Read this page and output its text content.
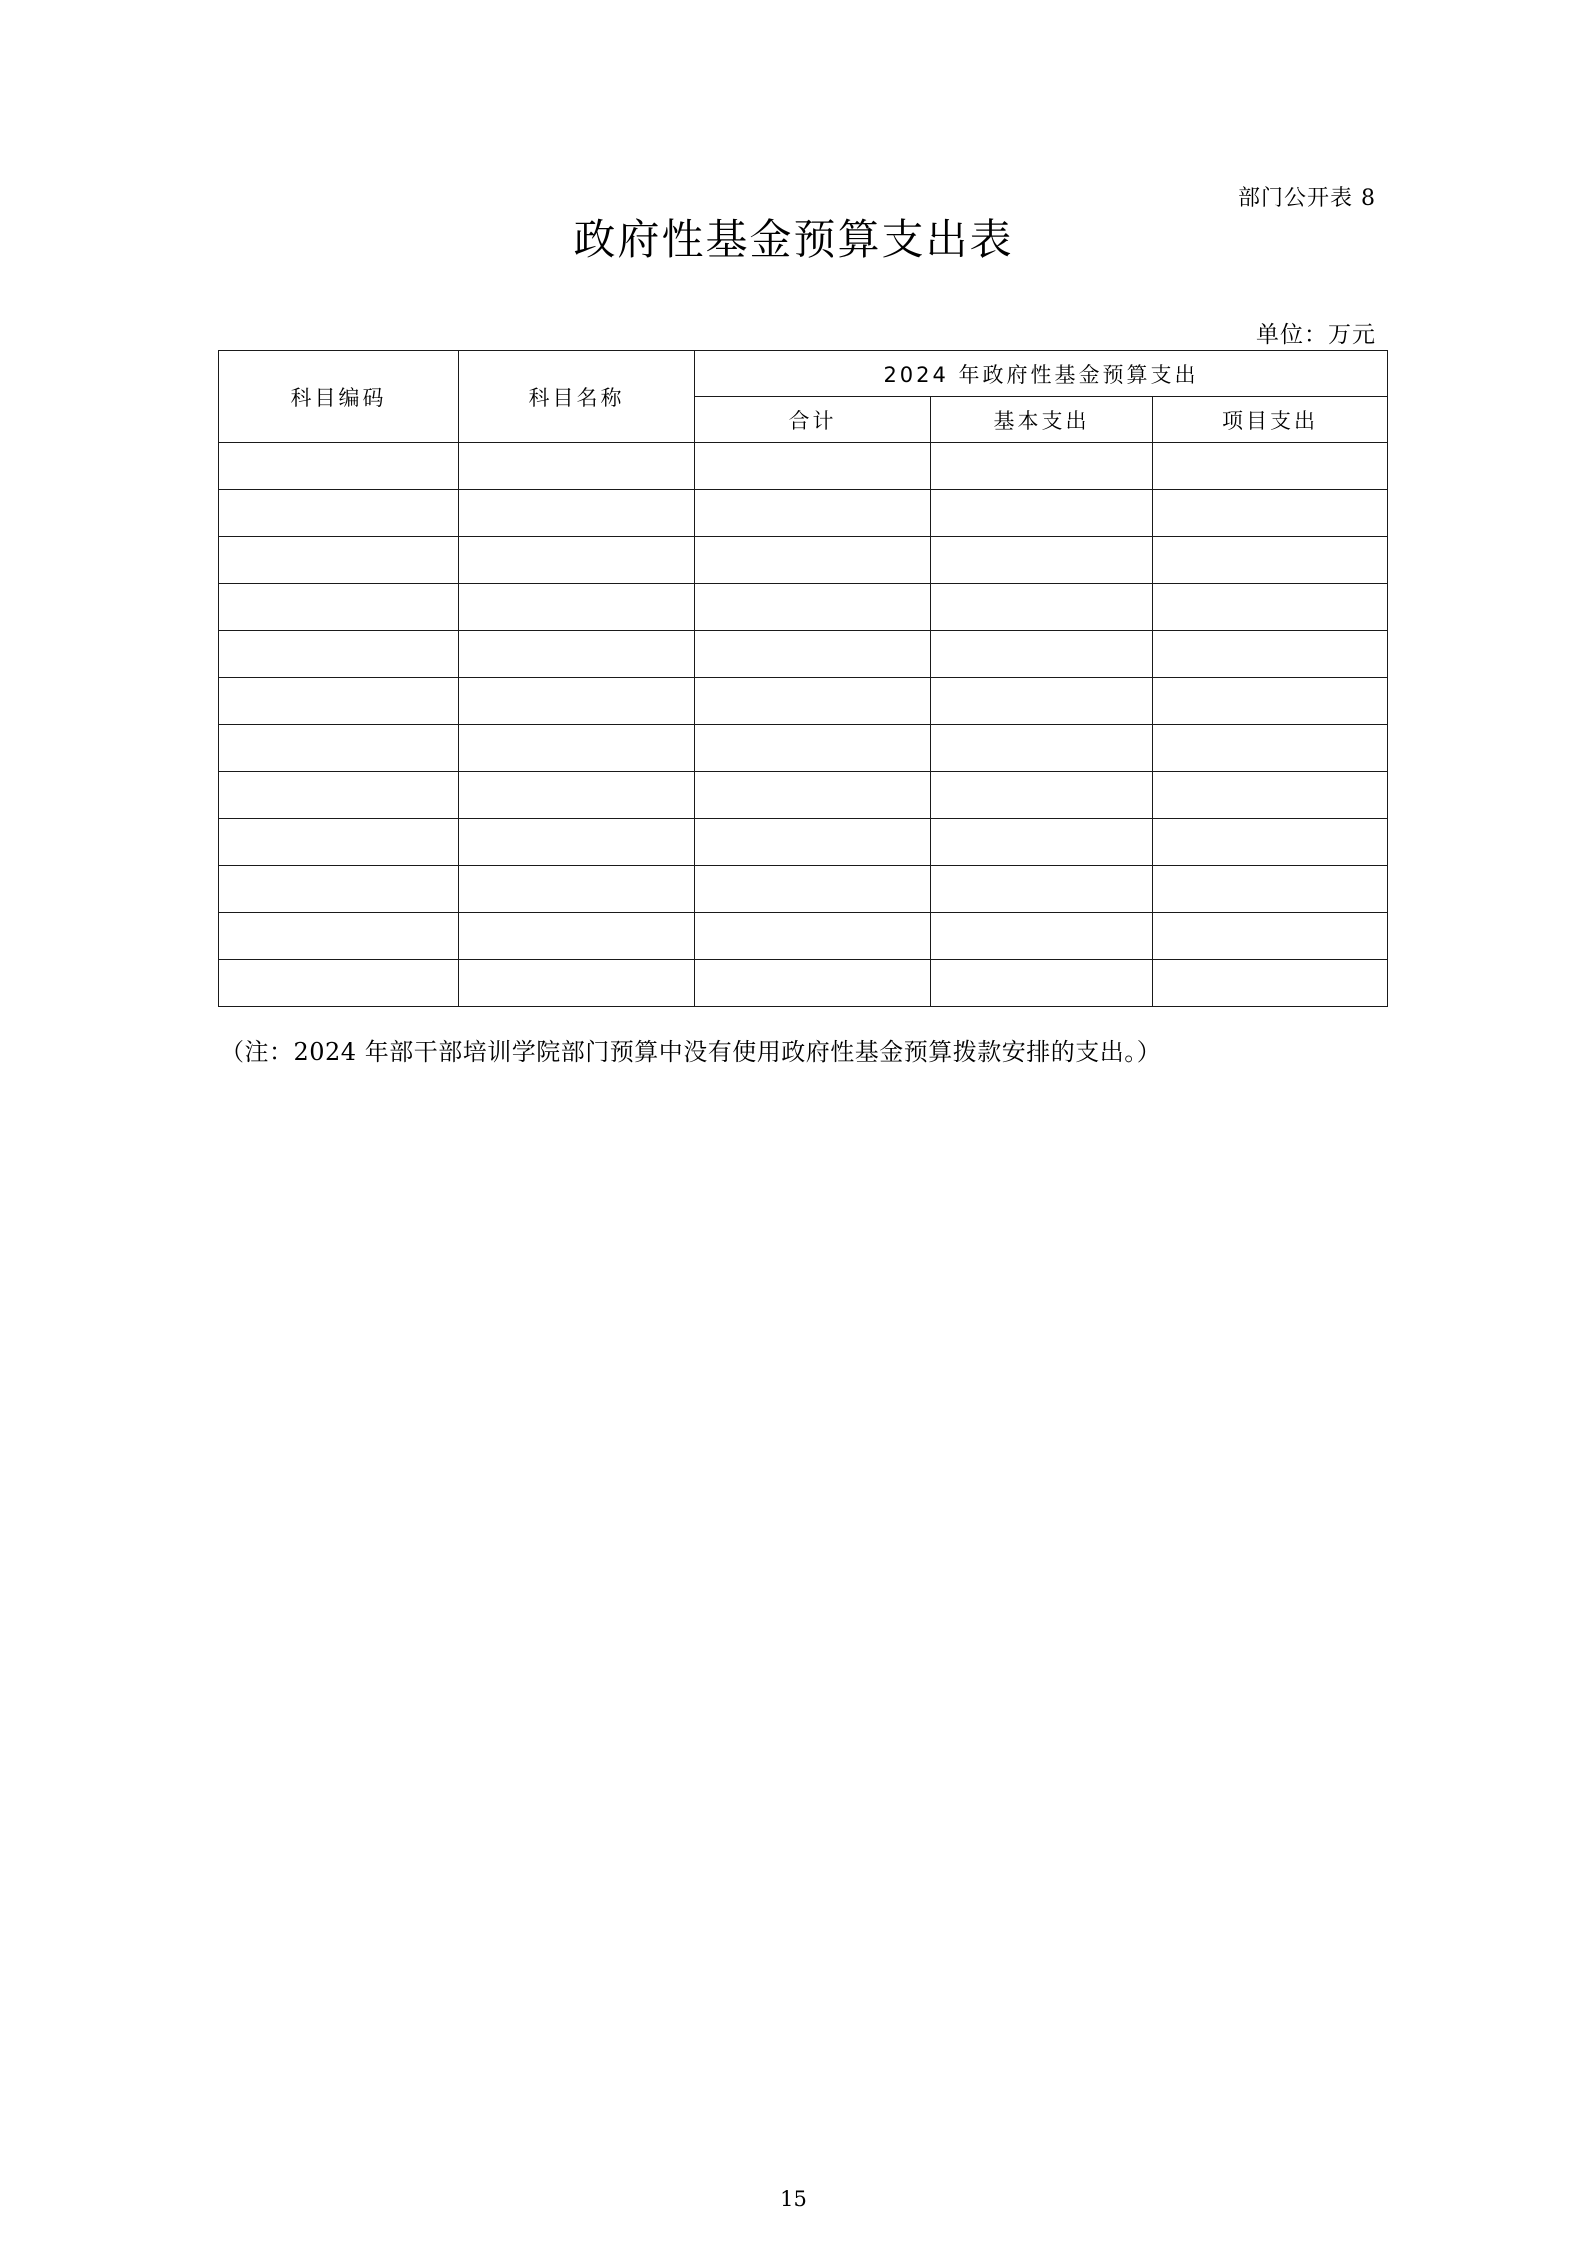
部门公开表 8
政府性基金预算支出表
单位：万元
科目编码	科目名称	2024 年政府性基金预算支出		
		合计	基本支出	项目支出

（注：2024 年部干部培训学院部门预算中没有使用政府性基金预算拨款安排的支出。）
15
